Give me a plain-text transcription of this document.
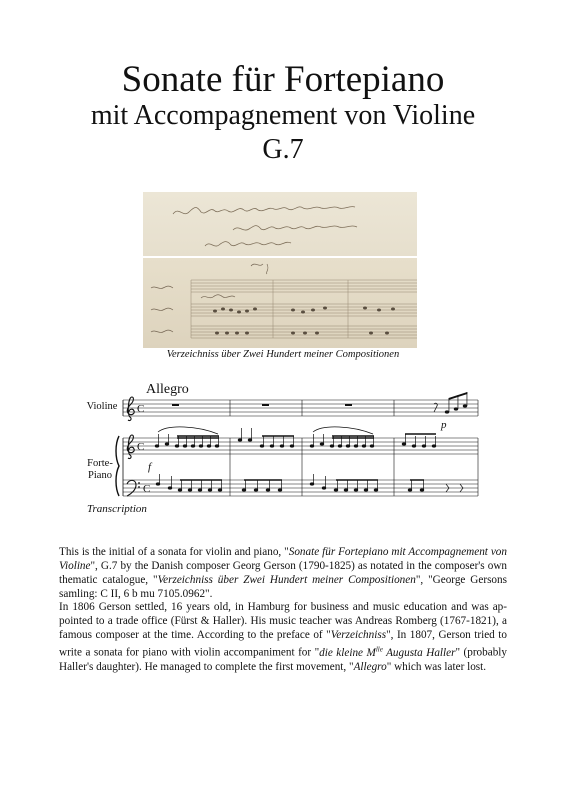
Sonate für Fortepiano
mit Accompagnement von Violine
G.7
Verzeichniss über Zwei Hundert meiner Compositionen
Allegro
Violine
Forte-
Piano
C
C
C
p
f
Transcription

This is the initial of a sonata for violin and piano, "Sonate für Fortepiano mit Accompagnement von Violine", G.7 by the Danish composer Georg Gerson (1790-1825) as notated in the composer's own thematic catalogue, "Verzeichniss über Zwei Hundert meiner Compositionen", "George Gersons samling: C II, 6 b mu 7105.0962".

In 1806 Gerson settled, 16 years old, in Hamburg for business and music education and was ap-pointed to a trade office (Fürst & Haller). His music teacher was Andreas Romberg (1767-1821), a famous composer at the time. According to the preface of "Verzeichniss", In 1807, Gerson tried to write a sonata for piano with violin accompaniment for "die kleine $M^{lle}$ Augusta Haller" (probably Haller's daughter). He managed to complete the first movement, "Allegro" which was later lost.
